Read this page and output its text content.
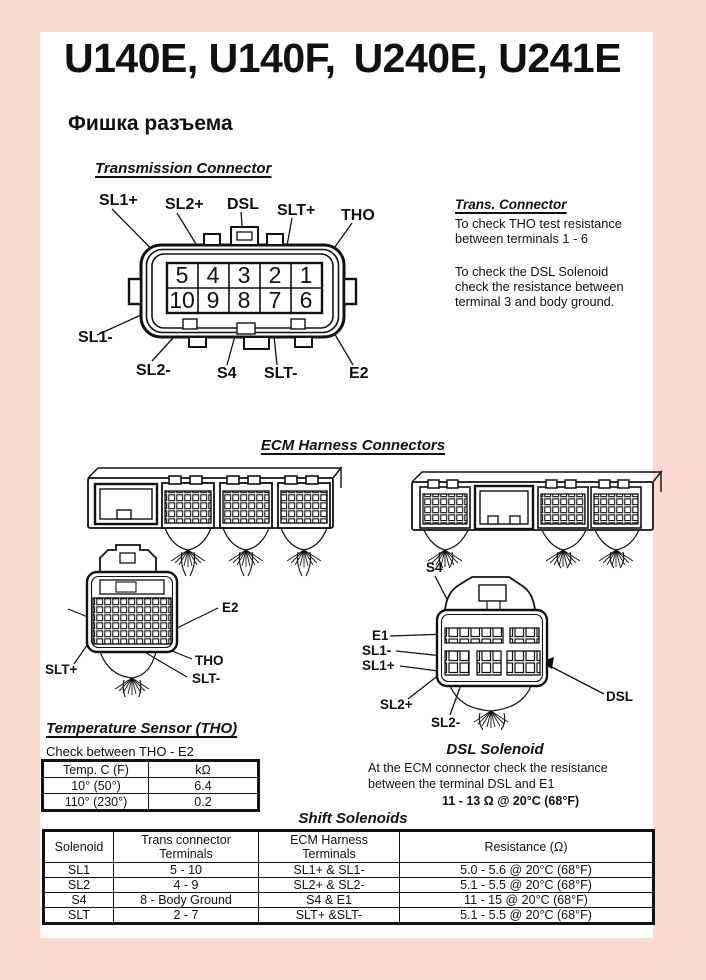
U140E, U140F, U240E, U241E
Фишка разъема
Transmission Connector
5 4 3 2 1
10 9 8 7 6
SL1+ SL2+ DSL SLT+ THO
SL1-
SL2-	S4 SLT-	E2
Trans. Connector
To check THO test resistance
between terminals 1 - 6
To check the DSL Solenoid
check the resistance between
terminal 3 and body ground.
ECM Harness Connectors
E2
THO
SLT-
SLT+
S4
E1
SL1-
SL1+
SL2+
SL2-
DSL
Temperature Sensor (THO)
Check between THO - E2
Temp. C (F)	kΩ
10° (50°)	6.4
110° (230°)	0.2
DSL Solenoid
At the ECM connector check the resistance
between the terminal DSL and E1
11 - 13 Ω @ 20°C (68°F)
Shift Solenoids
Solenoid	Trans connector Terminals	ECM Harness Terminals	Resistance (Ω)
SL1	5 - 10	SL1+ & SL1-	5.0 - 5.6 @ 20°C (68°F)
SL2	4 - 9	SL2+ & SL2-	5.1 - 5.5 @ 20°C (68°F)
S4	8 - Body Ground	S4 & E1	11 - 15 @ 20°C (68°F)
SLT	2 - 7	SLT+ &SLT-	5.1 - 5.5 @ 20°C (68°F)
